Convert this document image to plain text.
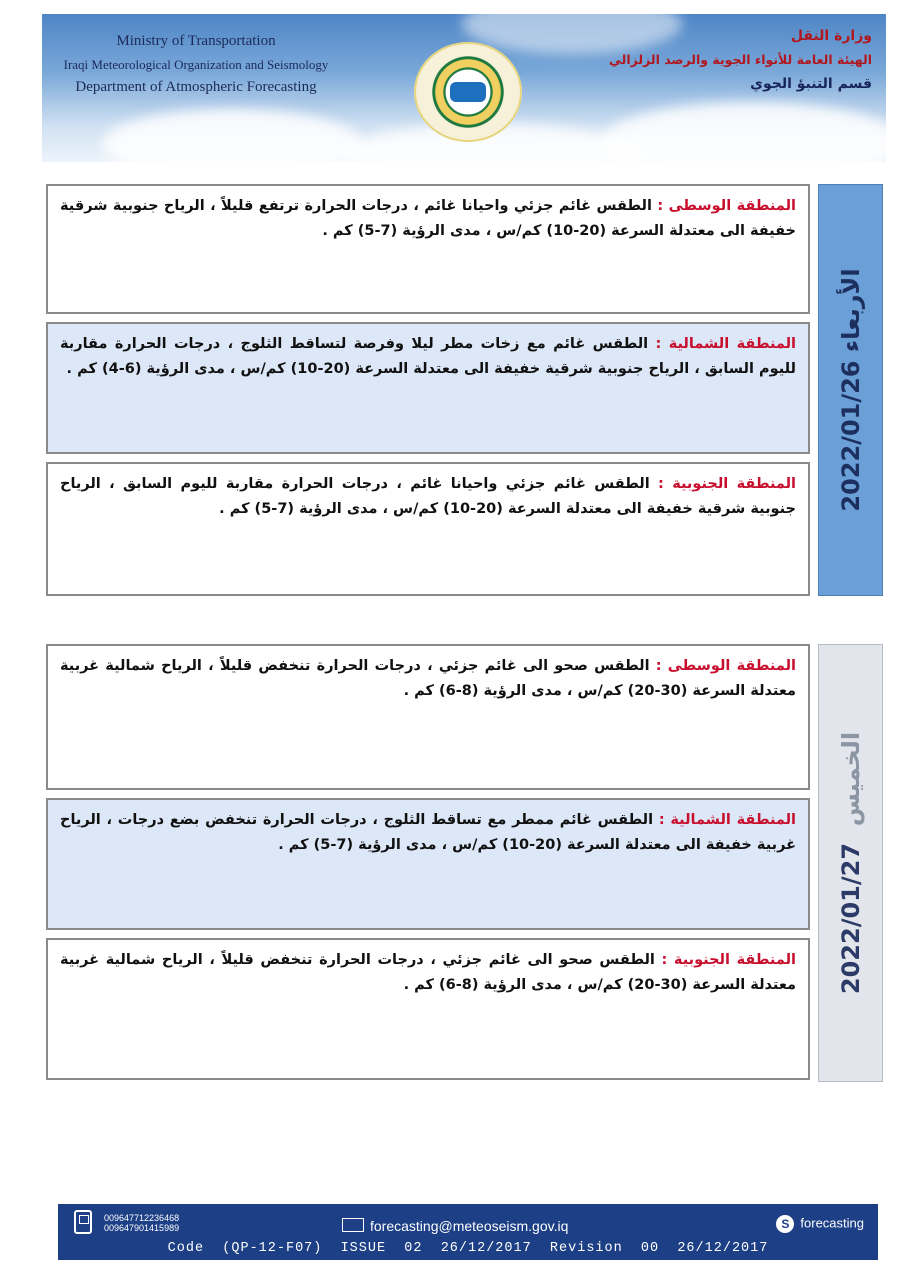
Ministry of Transportation
Iraqi Meteorological Organization and Seismology
Department of Atmospheric Forecasting
وزارة النقل
الهيئة العامة للأنواء الجوية والرصد الزلزالي
قسم التنبؤ الجوي
المنطقة الوسطى : الطقس غائم جزئي واحيانا غائم ، درجات الحرارة ترتفع قليلاً ، الرياح جنوبية شرقية خفيفة الى معتدلة السرعة (20-10) كم/س ، مدى الرؤية (7-5) كم .
المنطقة الشمالية : الطقس غائم مع زخات مطر ليلا وفرصة لتساقط الثلوج ، درجات الحرارة مقاربة لليوم السابق ، الرياح جنوبية شرقية خفيفة الى معتدلة السرعة (20-10) كم/س ، مدى الرؤية (6-4) كم .
المنطقة الجنوبية : الطقس غائم جزئي واحيانا غائم ، درجات الحرارة مقاربة لليوم السابق ، الرياح جنوبية شرقية خفيفة الى معتدلة السرعة (20-10) كم/س ، مدى الرؤية (7-5) كم . الأربعاء 2022/01/26
المنطقة الوسطى : الطقس صحو الى غائم جزئي ، درجات الحرارة تنخفض قليلاً ، الرياح شمالية غربية معتدلة السرعة (30-20) كم/س ، مدى الرؤية (8-6) كم .
المنطقة الشمالية : الطقس غائم ممطر مع تساقط الثلوج ، درجات الحرارة تنخفض بضع درجات ، الرياح غربية خفيفة الى معتدلة السرعة (20-10) كم/س ، مدى الرؤية (7-5) كم .
المنطقة الجنوبية : الطقس صحو الى غائم جزئي ، درجات الحرارة تنخفض قليلاً ، الرياح شمالية غربية معتدلة السرعة (30-20) كم/س ، مدى الرؤية (8-6) كم .
الخميس  2022/01/27
009647712236468
009647901415989	forecasting@meteoseism.gov.iq	S forecasting
Code  (QP-12-F07)  ISSUE  02  26/12/2017  Revision  00  26/12/2017
